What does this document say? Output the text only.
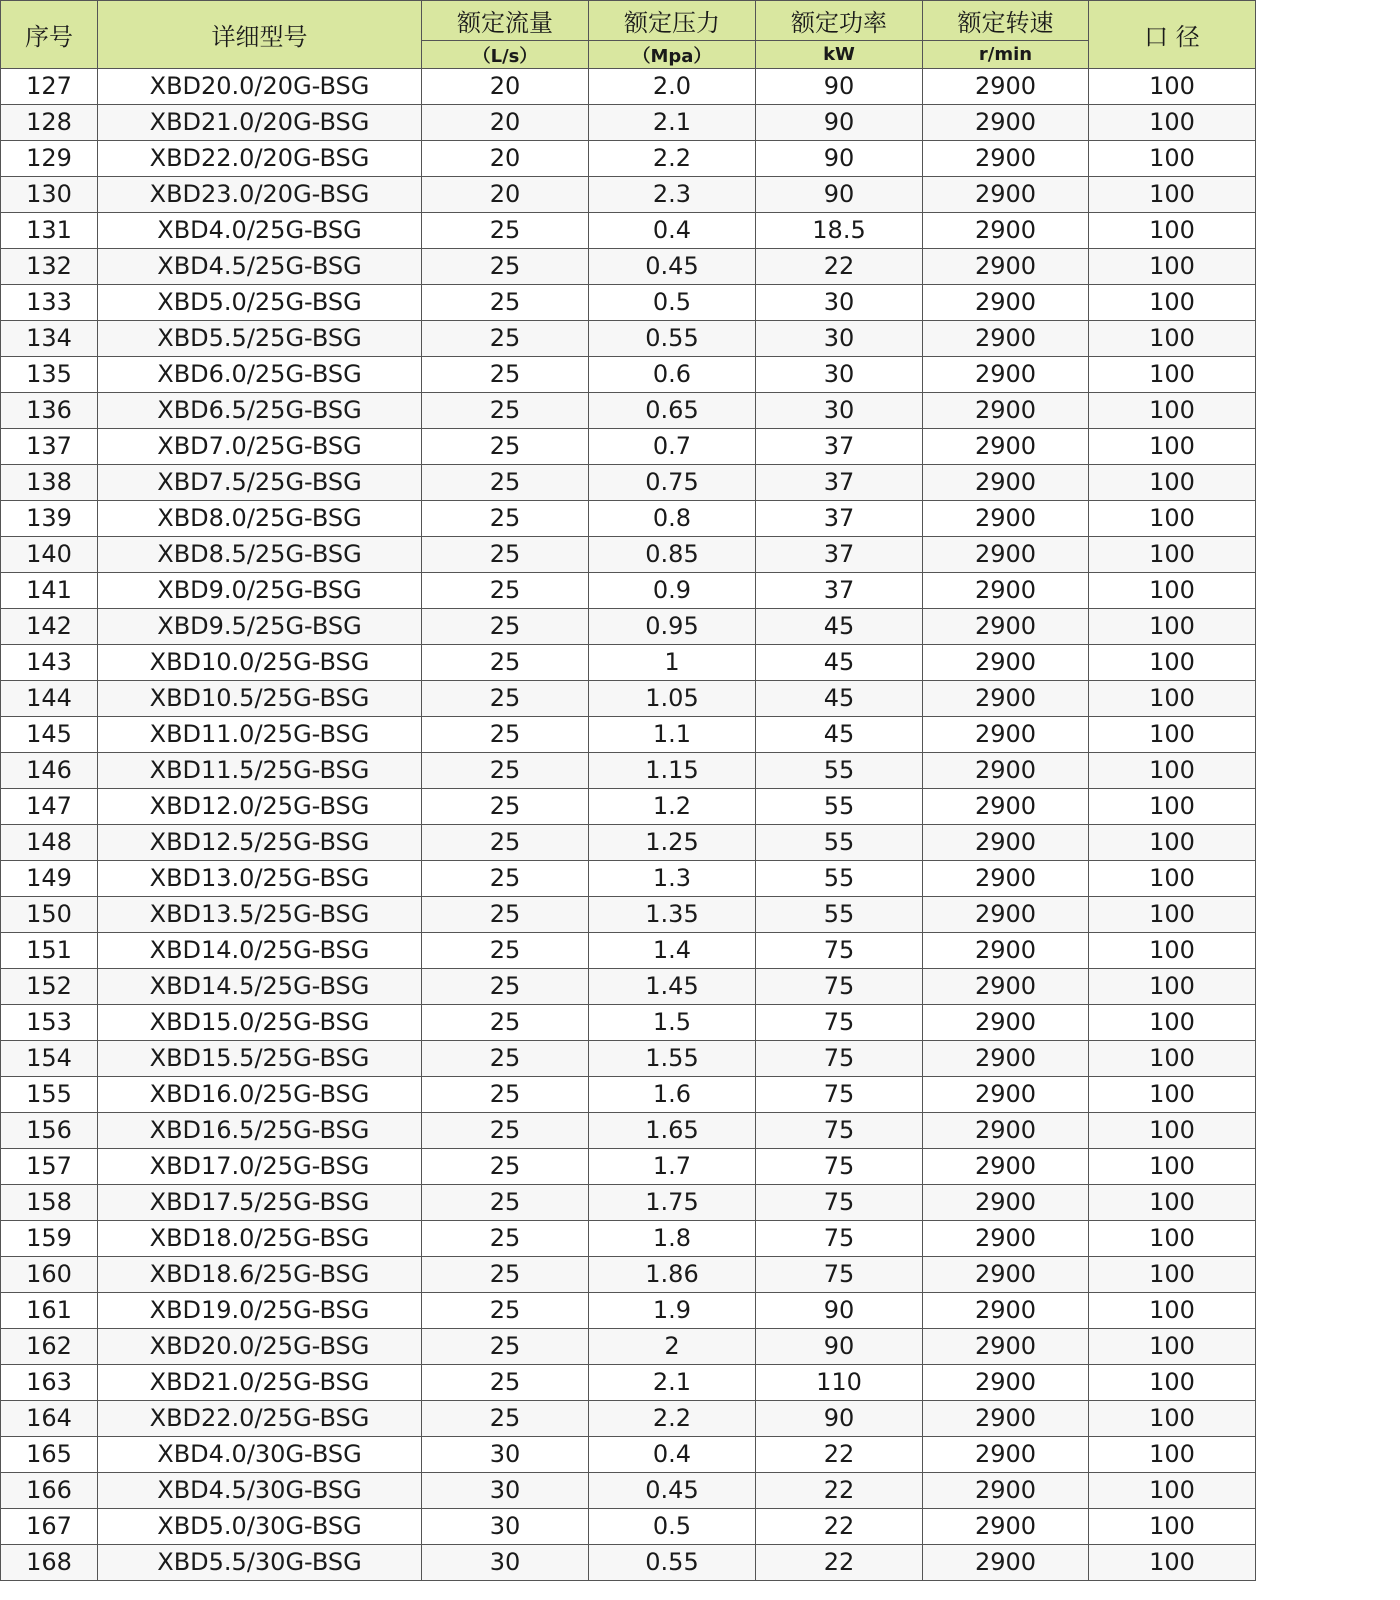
序号	详细型号	额定流量	额定压力	额定功率	额定转速	口 径
		（L/s）	（Mpa）	kW	r/min	
127	XBD20.0/20G-BSG	20	2.0	90	2900	100
128	XBD21.0/20G-BSG	20	2.1	90	2900	100
129	XBD22.0/20G-BSG	20	2.2	90	2900	100
130	XBD23.0/20G-BSG	20	2.3	90	2900	100
131	XBD4.0/25G-BSG	25	0.4	18.5	2900	100
132	XBD4.5/25G-BSG	25	0.45	22	2900	100
133	XBD5.0/25G-BSG	25	0.5	30	2900	100
134	XBD5.5/25G-BSG	25	0.55	30	2900	100
135	XBD6.0/25G-BSG	25	0.6	30	2900	100
136	XBD6.5/25G-BSG	25	0.65	30	2900	100
137	XBD7.0/25G-BSG	25	0.7	37	2900	100
138	XBD7.5/25G-BSG	25	0.75	37	2900	100
139	XBD8.0/25G-BSG	25	0.8	37	2900	100
140	XBD8.5/25G-BSG	25	0.85	37	2900	100
141	XBD9.0/25G-BSG	25	0.9	37	2900	100
142	XBD9.5/25G-BSG	25	0.95	45	2900	100
143	XBD10.0/25G-BSG	25	1	45	2900	100
144	XBD10.5/25G-BSG	25	1.05	45	2900	100
145	XBD11.0/25G-BSG	25	1.1	45	2900	100
146	XBD11.5/25G-BSG	25	1.15	55	2900	100
147	XBD12.0/25G-BSG	25	1.2	55	2900	100
148	XBD12.5/25G-BSG	25	1.25	55	2900	100
149	XBD13.0/25G-BSG	25	1.3	55	2900	100
150	XBD13.5/25G-BSG	25	1.35	55	2900	100
151	XBD14.0/25G-BSG	25	1.4	75	2900	100
152	XBD14.5/25G-BSG	25	1.45	75	2900	100
153	XBD15.0/25G-BSG	25	1.5	75	2900	100
154	XBD15.5/25G-BSG	25	1.55	75	2900	100
155	XBD16.0/25G-BSG	25	1.6	75	2900	100
156	XBD16.5/25G-BSG	25	1.65	75	2900	100
157	XBD17.0/25G-BSG	25	1.7	75	2900	100
158	XBD17.5/25G-BSG	25	1.75	75	2900	100
159	XBD18.0/25G-BSG	25	1.8	75	2900	100
160	XBD18.6/25G-BSG	25	1.86	75	2900	100
161	XBD19.0/25G-BSG	25	1.9	90	2900	100
162	XBD20.0/25G-BSG	25	2	90	2900	100
163	XBD21.0/25G-BSG	25	2.1	110	2900	100
164	XBD22.0/25G-BSG	25	2.2	90	2900	100
165	XBD4.0/30G-BSG	30	0.4	22	2900	100
166	XBD4.5/30G-BSG	30	0.45	22	2900	100
167	XBD5.0/30G-BSG	30	0.5	22	2900	100
168	XBD5.5/30G-BSG	30	0.55	22	2900	100
